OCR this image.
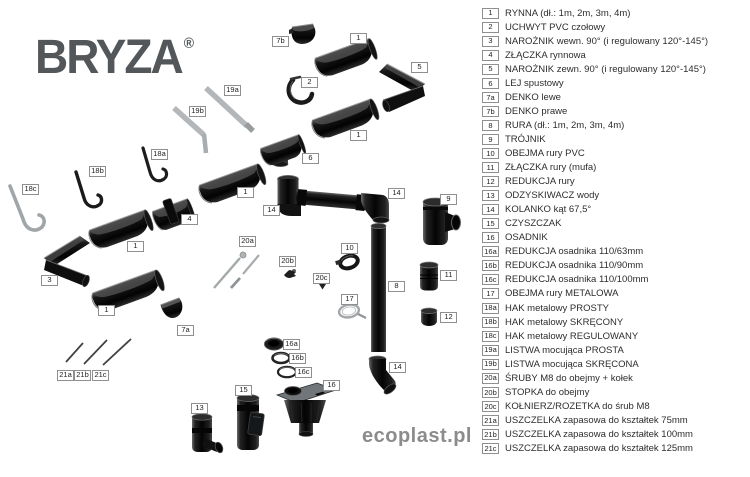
BRYZA ®	7b	1
5
2
19a
19b
1
18a	6
18b
18c	1	14
9
14
4
20a
1	10
20b
11
20c
3
8
17
1
12
7a
16a
16b
14
16c
21a 21b 21c
16
15
13
1	RYNNA (dł.: 1m, 2m, 3m, 4m)
2	UCHWYT PVC czołowy
3	NAROŻNIK wewn. 90° (i regulowany 120°-145°)
4	ZŁĄCZKA rynnowa
5	NAROŻNIK zewn. 90° (i regulowany 120°-145°)
6	LEJ spustowy
7a	DENKO lewe
7b	DENKO prawe
8	RURA (dł.: 1m, 2m, 3m, 4m)
9	TRÓJNIK
10	OBEJMA rury PVC
11	ZŁĄCZKA rury (mufa)
12	REDUKCJA rury
13	ODZYSKIWACZ wody
14	KOLANKO kąt 67,5°
15	CZYSZCZAK
16	OSADNIK
16a REDUKCJA osadnika 110/63mm
16b REDUKCJA osadnika 110/90mm
16c REDUKCJA osadnika 110/100mm
17	OBEJMA rury METALOWA
18a HAK metalowy PROSTY
18b HAK metalowy SKRĘCONY
18c HAK metalowy REGULOWANY
19a LISTWA mocująca PROSTA
19b LISTWA mocująca SKRĘCONA
20a ŚRUBY M8 do obejmy + kołek
20b STOPKA do obejmy
20c KOŁNIERZ/ROZETKA do śrub M8
21a USZCZELKA zapasowa do kształtek 75mm
21b USZCZELKA zapasowa do kształtek 100mm
21c USZCZELKA zapasowa do kształtek 125mm
ecoplast.pl
